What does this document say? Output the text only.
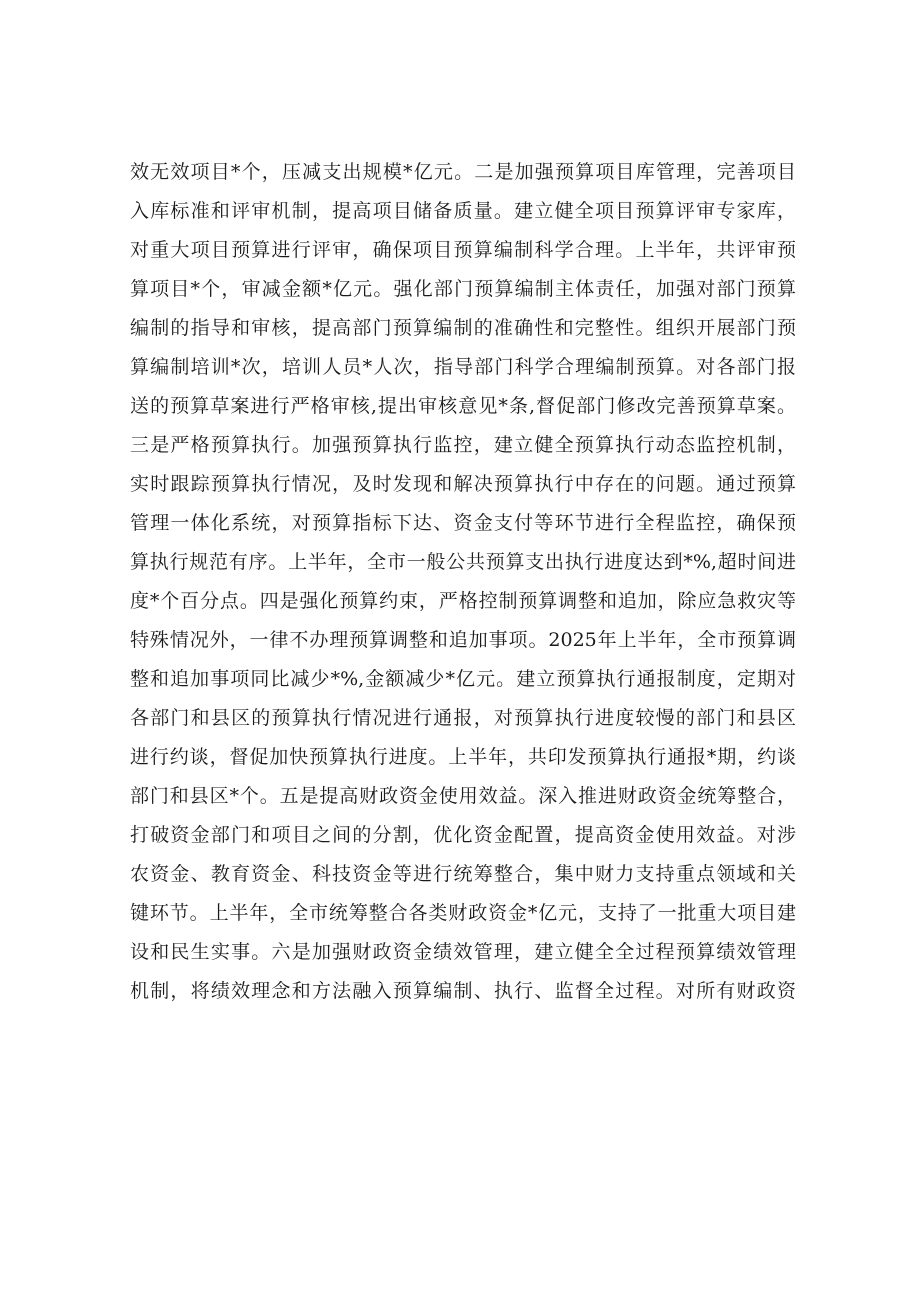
效无效项目*个，压减支出规模*亿元。二是加强预算项目库管理，完善项目
入库标准和评审机制，提高项目储备质量。建立健全项目预算评审专家库，
对重大项目预算进行评审，确保项目预算编制科学合理。上半年，共评审预
算项目*个，审减金额*亿元。强化部门预算编制主体责任，加强对部门预算
编制的指导和审核，提高部门预算编制的准确性和完整性。组织开展部门预
算编制培训*次，培训人员*人次，指导部门科学合理编制预算。对各部门报
送的预算草案进行严格审核,提出审核意见*条,督促部门修改完善预算草案。
三是严格预算执行。加强预算执行监控，建立健全预算执行动态监控机制，
实时跟踪预算执行情况，及时发现和解决预算执行中存在的问题。通过预算
管理一体化系统，对预算指标下达、资金支付等环节进行全程监控，确保预
算执行规范有序。上半年，全市一般公共预算支出执行进度达到*%,超时间进
度*个百分点。四是强化预算约束，严格控制预算调整和追加，除应急救灾等
特殊情况外，一律不办理预算调整和追加事项。2025年上半年，全市预算调
整和追加事项同比减少*%,金额减少*亿元。建立预算执行通报制度，定期对
各部门和县区的预算执行情况进行通报，对预算执行进度较慢的部门和县区
进行约谈，督促加快预算执行进度。上半年，共印发预算执行通报*期，约谈
部门和县区*个。五是提高财政资金使用效益。深入推进财政资金统筹整合，
打破资金部门和项目之间的分割，优化资金配置，提高资金使用效益。对涉
农资金、教育资金、科技资金等进行统筹整合，集中财力支持重点领域和关
键环节。上半年，全市统筹整合各类财政资金*亿元，支持了一批重大项目建
设和民生实事。六是加强财政资金绩效管理，建立健全全过程预算绩效管理
机制，将绩效理念和方法融入预算编制、执行、监督全过程。对所有财政资
